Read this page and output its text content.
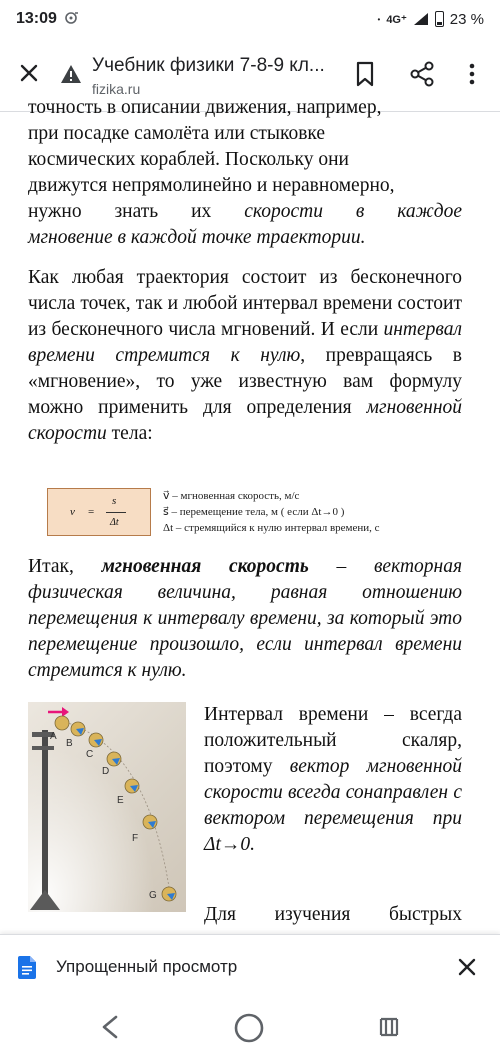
13:09	• 4G⁺	23 %
Учебник физики 7-8-9 кл...
fizika.ru

точность в описании движения, например,

при посадке самолёта или стыковке

космических кораблей. Поскольку они

движутся непрямолинейно и неравномерно,

нужно знать их скорости в каждое

мгновение в каждой точке траектории.

Как любая траектория состоит из бесконечного числа точек, так и любой интервал времени состоит из бесконечного числа мгновений. И если интервал времени стремится к нулю, превращаясь в «мгновение», то уже известную вам формулу можно применить для определения мгновенной скорости тела:

v⃗ =
s⃗
Δt
v⃗ – мгновенная скорость, м/с
s⃗ – перемещение тела, м ( если Δt→0 )
Δt – стремящийся к нулю интервал времени, с

Итак, мгновенная скорость – векторная физическая величина, равная отношению перемещения к интервалу времени, за который это перемещение произошло, если интервал времени стремится к нулю.

A
B
C
D
E
F
G

Интервал времени – всегда положительный скаляр, поэтому вектор мгновенной скорости всегда сонаправлен с вектором перемещения при Δt→0.

Для изучения быстрых

Упрощенный просмотр
